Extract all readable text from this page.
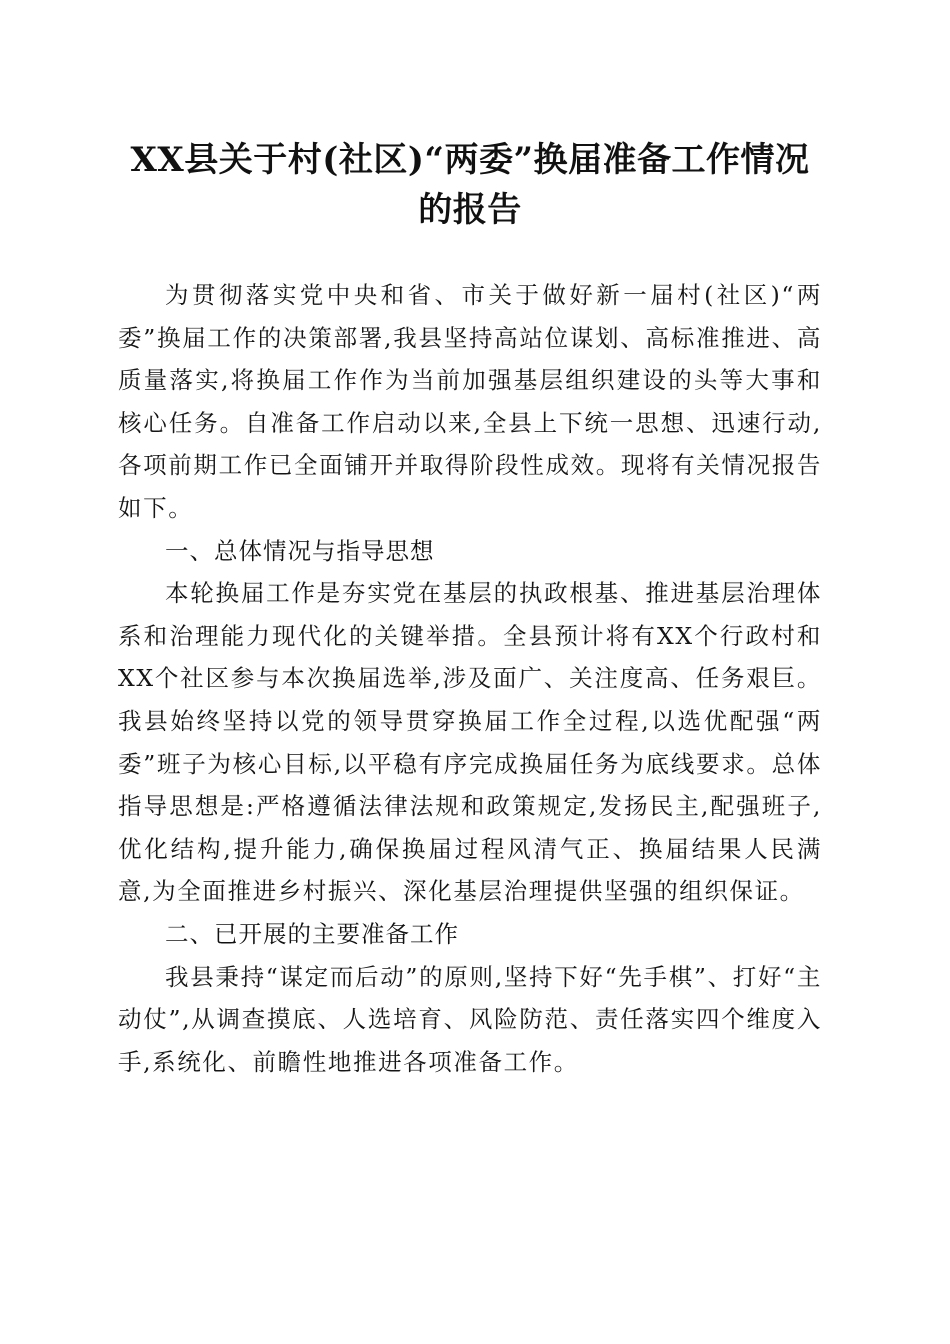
XX县关于村(社区)“两委”换届准备工作情况的报告

为贯彻落实党中央和省、市关于做好新一届村(社区)“两委”换届工作的决策部署,我县坚持高站位谋划、高标准推进、高质量落实,将换届工作作为当前加强基层组织建设的头等大事和核心任务。自准备工作启动以来,全县上下统一思想、迅速行动,各项前期工作已全面铺开并取得阶段性成效。现将有关情况报告如下。

一、总体情况与指导思想

本轮换届工作是夯实党在基层的执政根基、推进基层治理体系和治理能力现代化的关键举措。全县预计将有XX个行政村和XX个社区参与本次换届选举,涉及面广、关注度高、任务艰巨。我县始终坚持以党的领导贯穿换届工作全过程,以选优配强“两委”班子为核心目标,以平稳有序完成换届任务为底线要求。总体指导思想是:严格遵循法律法规和政策规定,发扬民主,配强班子,优化结构,提升能力,确保换届过程风清气正、换届结果人民满意,为全面推进乡村振兴、深化基层治理提供坚强的组织保证。

二、已开展的主要准备工作

我县秉持“谋定而后动”的原则,坚持下好“先手棋”、打好“主动仗”,从调查摸底、人选培育、风险防范、责任落实四个维度入手,系统化、前瞻性地推进各项准备工作。
